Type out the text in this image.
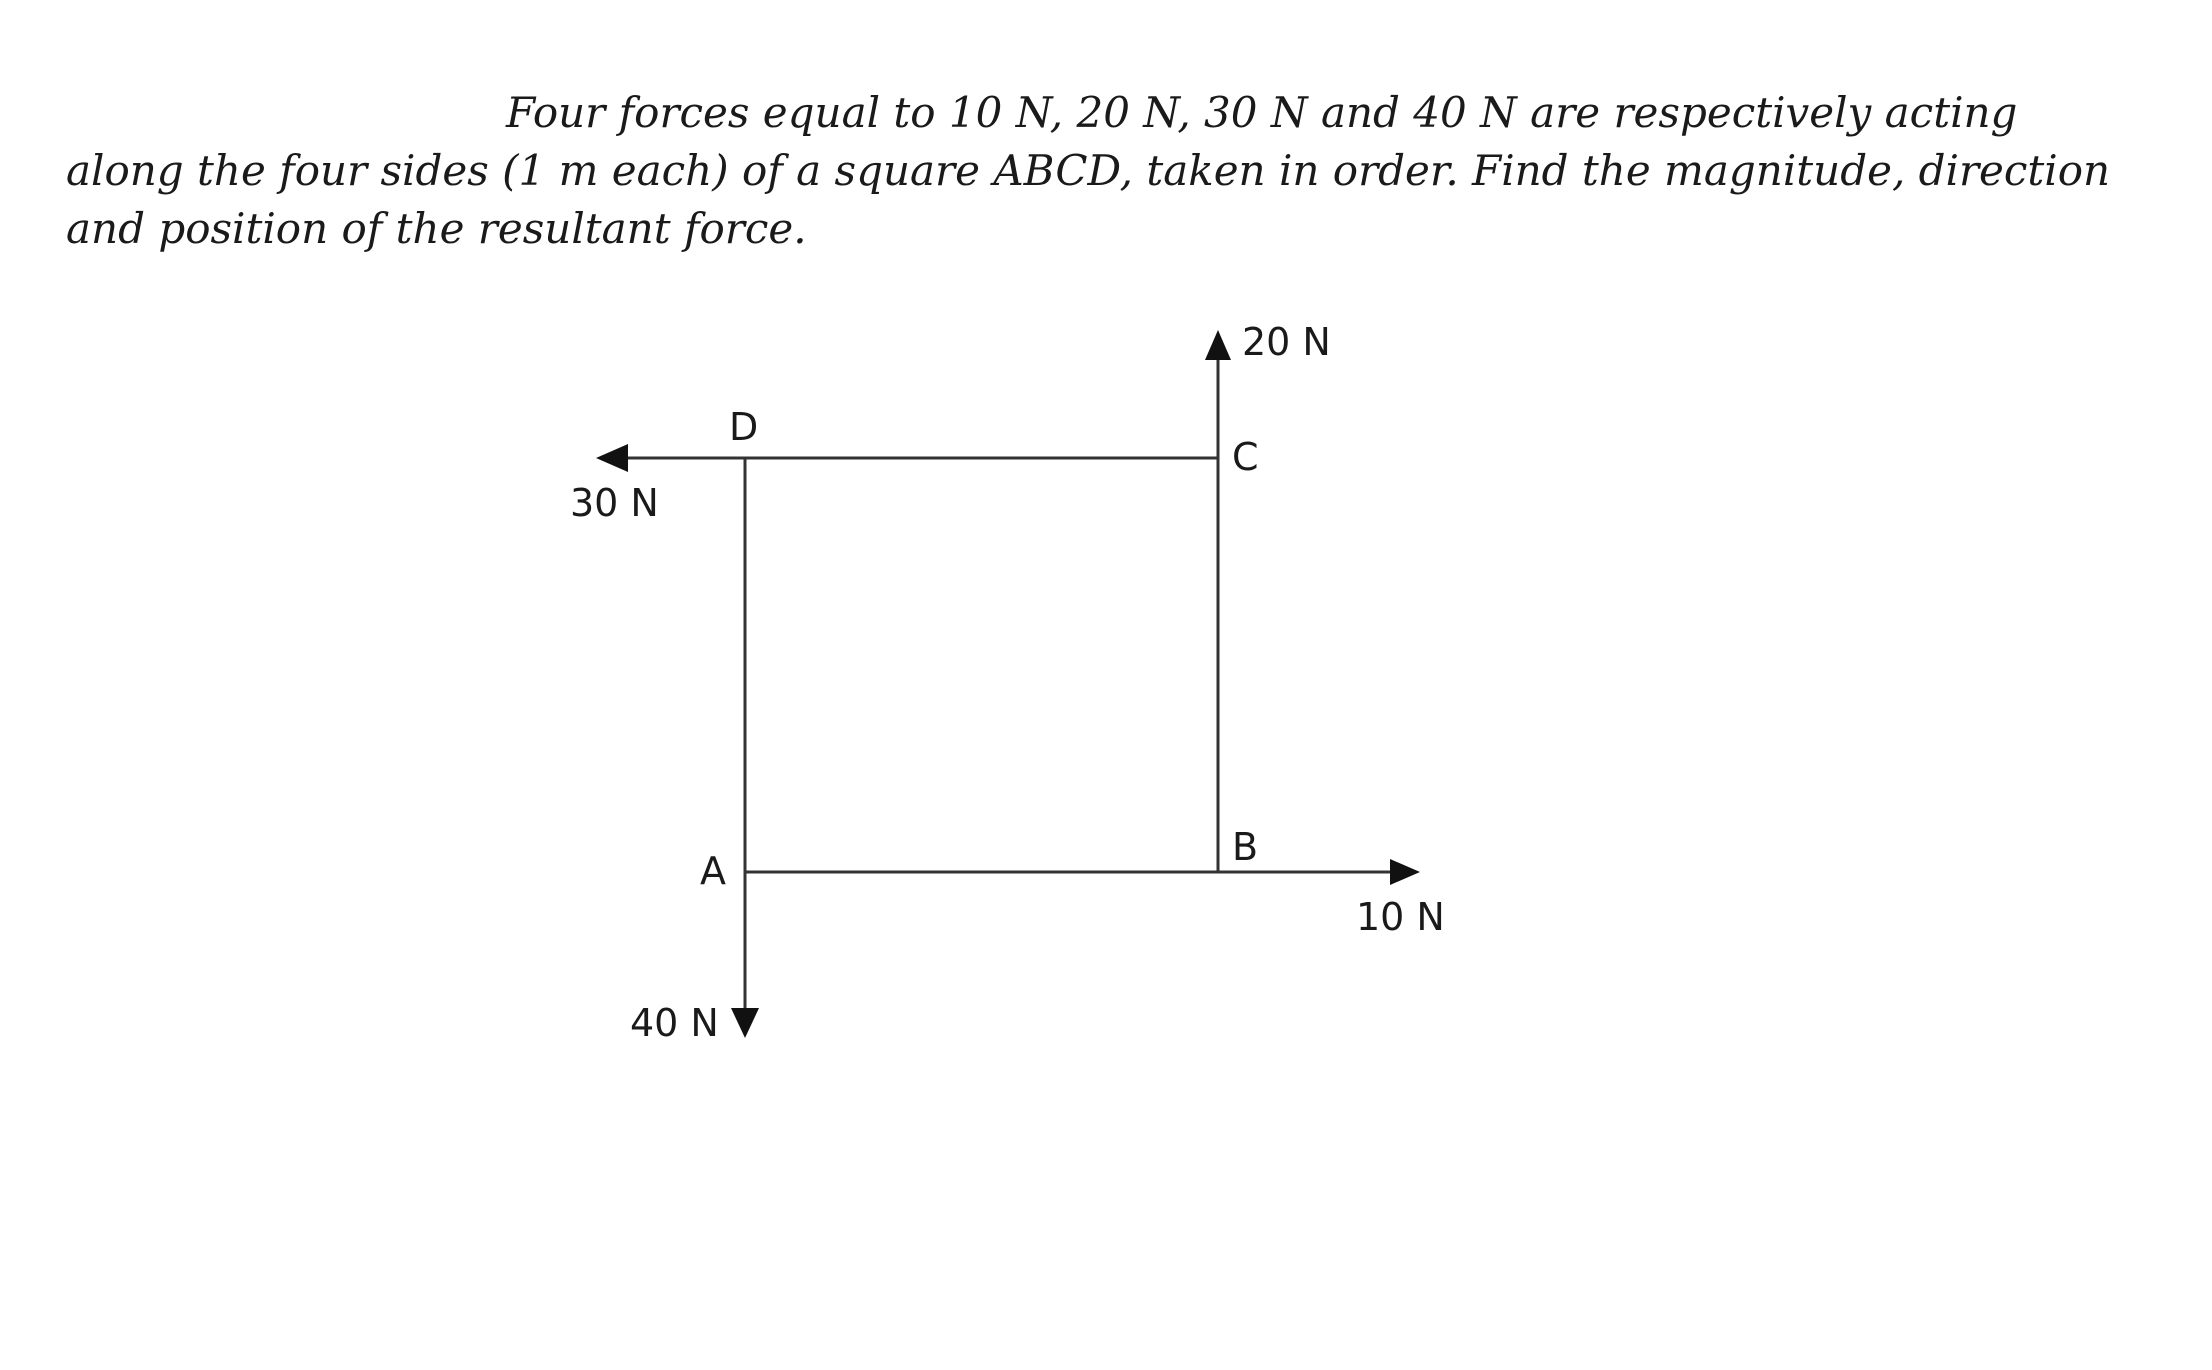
Four forces equal to 10 N, 20 N, 30 N and 40 N are respectively acting along the four sides (1 m each) of a square ABCD, taken in order. Find the magnitude, direction and position of the resultant force.

A
B
C
D
10 N
20 N
30 N
40 N
